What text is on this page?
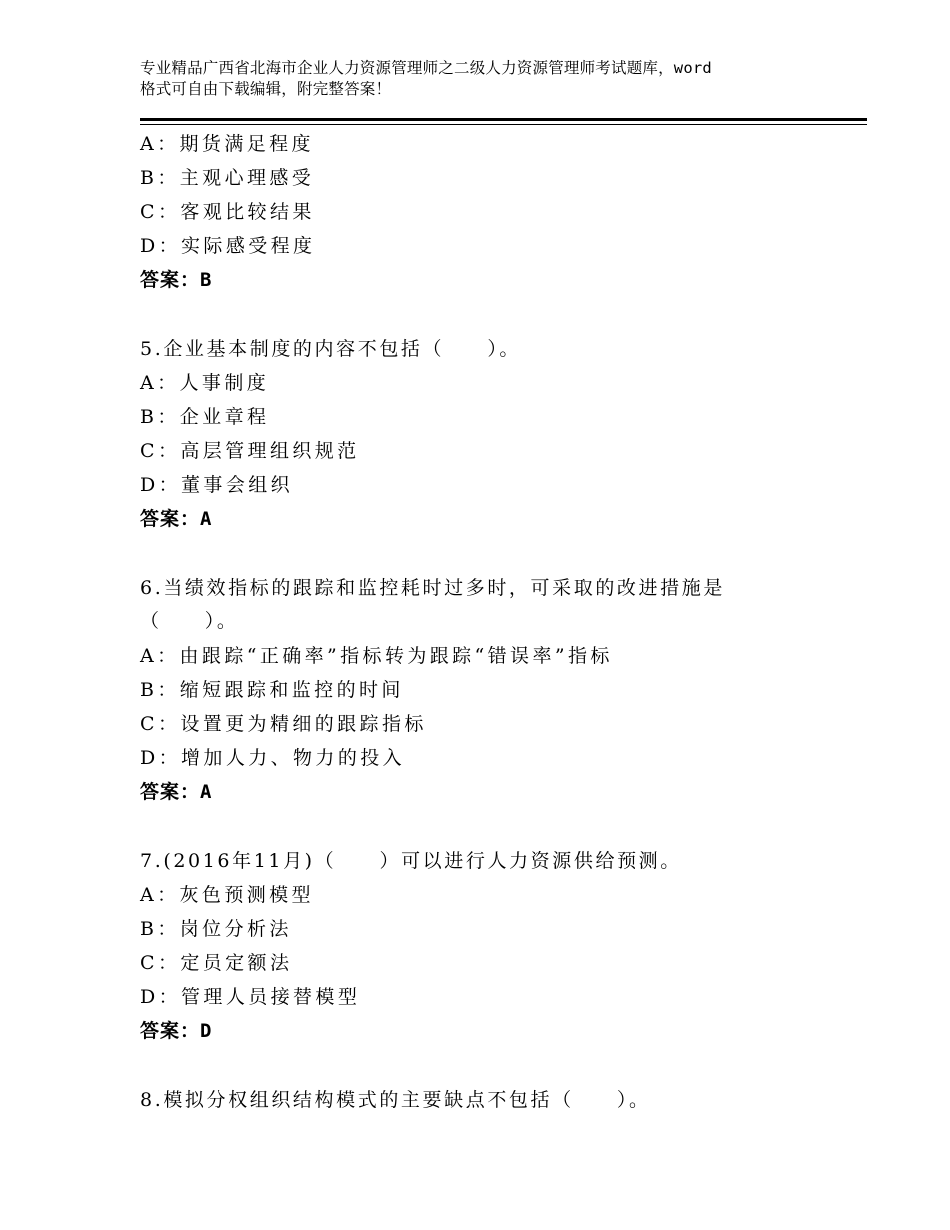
专业精品广西省北海市企业人力资源管理师之二级人力资源管理师考试题库，word
格式可自由下载编辑，附完整答案！
A：期货满足程度
B：主观心理感受
C：客观比较结果
D：实际感受程度
答案：B
5.企业基本制度的内容不包括（　　）。
A：人事制度
B：企业章程
C：高层管理组织规范
D：董事会组织
答案：A
6.当绩效指标的跟踪和监控耗时过多时，可采取的改进措施是
（　　）。
A：由跟踪“正确率”指标转为跟踪“错误率”指标
B：缩短跟踪和监控的时间
C：设置更为精细的跟踪指标
D：增加人力、物力的投入
答案：A
7.(2016年11月)（　　）可以进行人力资源供给预测。
A：灰色预测模型
B：岗位分析法
C：定员定额法
D：管理人员接替模型
答案：D
8.模拟分权组织结构模式的主要缺点不包括（　　）。
